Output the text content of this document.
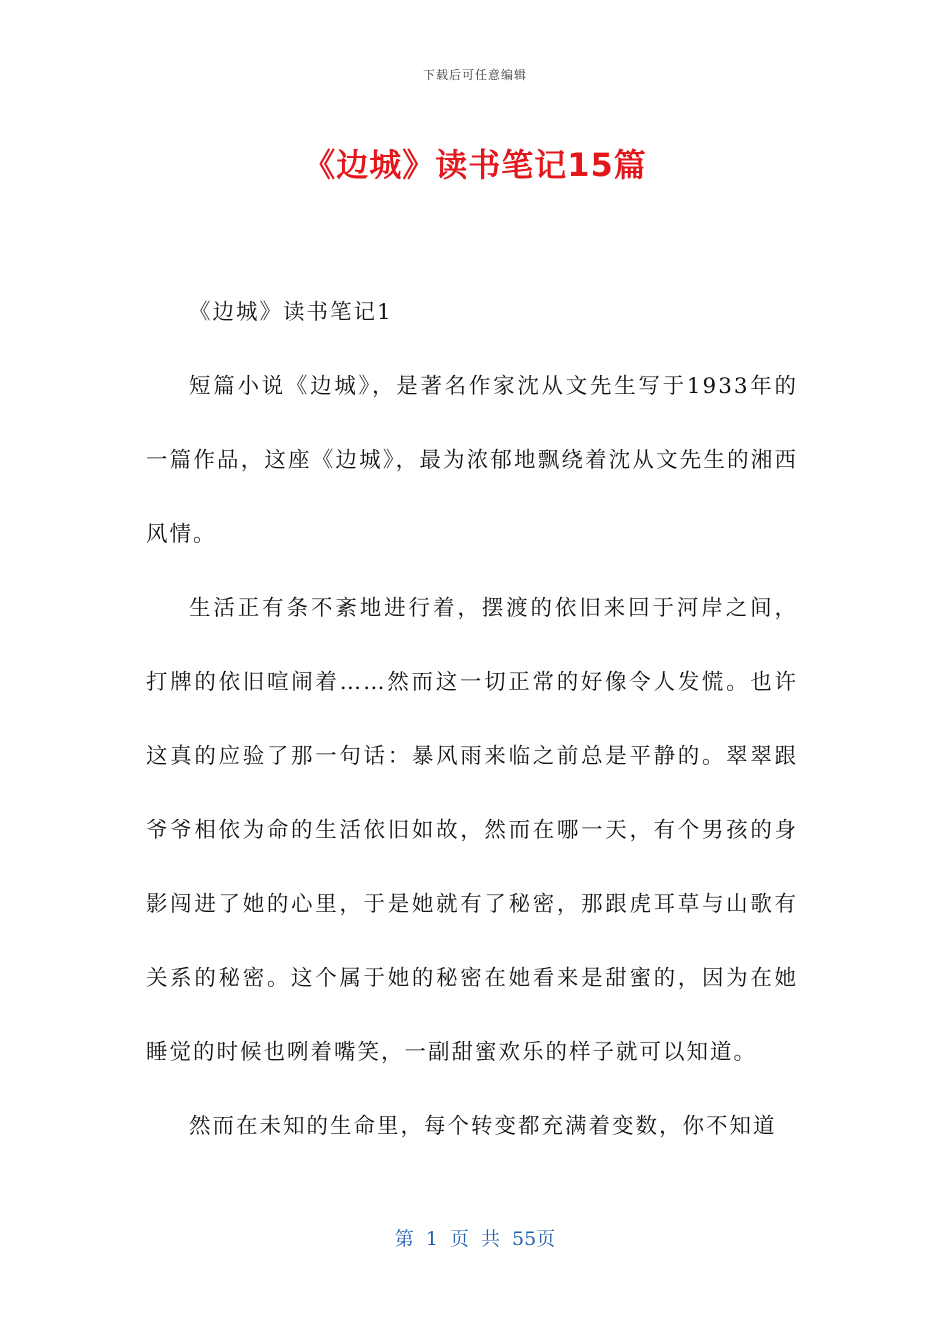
下载后可任意编辑
《边城》读书笔记15篇

《边城》读书笔记1

短篇小说《边城》，是著名作家沈从文先生写于1933年的一篇作品，这座《边城》，最为浓郁地飘绕着沈从文先生的湘西风情。

生活正有条不紊地进行着，摆渡的依旧来回于河岸之间，打牌的依旧喧闹着……然而这一切正常的好像令人发慌。也许这真的应验了那一句话：暴风雨来临之前总是平静的。翠翠跟爷爷相依为命的生活依旧如故，然而在哪一天，有个男孩的身影闯进了她的心里，于是她就有了秘密，那跟虎耳草与山歌有关系的秘密。这个属于她的秘密在她看来是甜蜜的，因为在她睡觉的时候也咧着嘴笑，一副甜蜜欢乐的样子就可以知道。

然而在未知的生命里，每个转变都充满着变数，你不知道

第 1 页 共 55页
